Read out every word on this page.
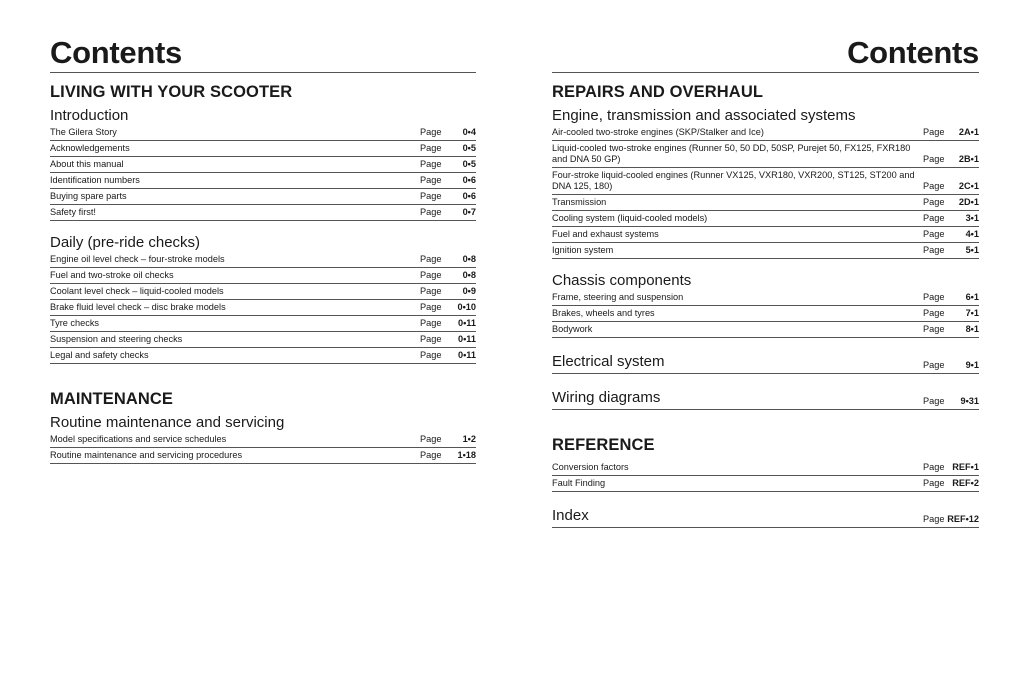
Contents
LIVING WITH YOUR SCOOTER
Introduction
The Gilera Story	Page	0•4
Acknowledgements	Page	0•5
About this manual	Page	0•5
Identification numbers	Page	0•6
Buying spare parts	Page	0•6
Safety first!	Page	0•7
Daily (pre-ride checks)
Engine oil level check – four-stroke models	Page	0•8
Fuel and two-stroke oil checks	Page	0•8
Coolant level check – liquid-cooled models	Page	0•9
Brake fluid level check – disc brake models	Page	0•10
Tyre checks	Page	0•11
Suspension and steering checks	Page	0•11
Legal and safety checks	Page	0•11
MAINTENANCE
Routine maintenance and servicing
Model specifications and service schedules	Page	1•2
Routine maintenance and servicing procedures	Page	1•18
Contents
REPAIRS AND OVERHAUL
Engine, transmission and associated systems
Air-cooled two-stroke engines (SKP/Stalker and Ice)	Page	2A•1
Liquid-cooled two-stroke engines (Runner 50, 50 DD, 50SP, Purejet 50, FX125, FXR180 and DNA 50 GP)	Page	2B•1
Four-stroke liquid-cooled engines (Runner VX125, VXR180, VXR200, ST125, ST200 and DNA 125, 180)	Page	2C•1
Transmission	Page	2D•1
Cooling system (liquid-cooled models)	Page	3•1
Fuel and exhaust systems	Page	4•1
Ignition system	Page	5•1
Chassis components
Frame, steering and suspension	Page	6•1
Brakes, wheels and tyres	Page	7•1
Bodywork	Page	8•1
Electrical system	Page	9•1
Wiring diagrams	Page	9•31
REFERENCE
Conversion factors	Page REF•1
Fault Finding	Page REF•2
Index	Page REF•12
